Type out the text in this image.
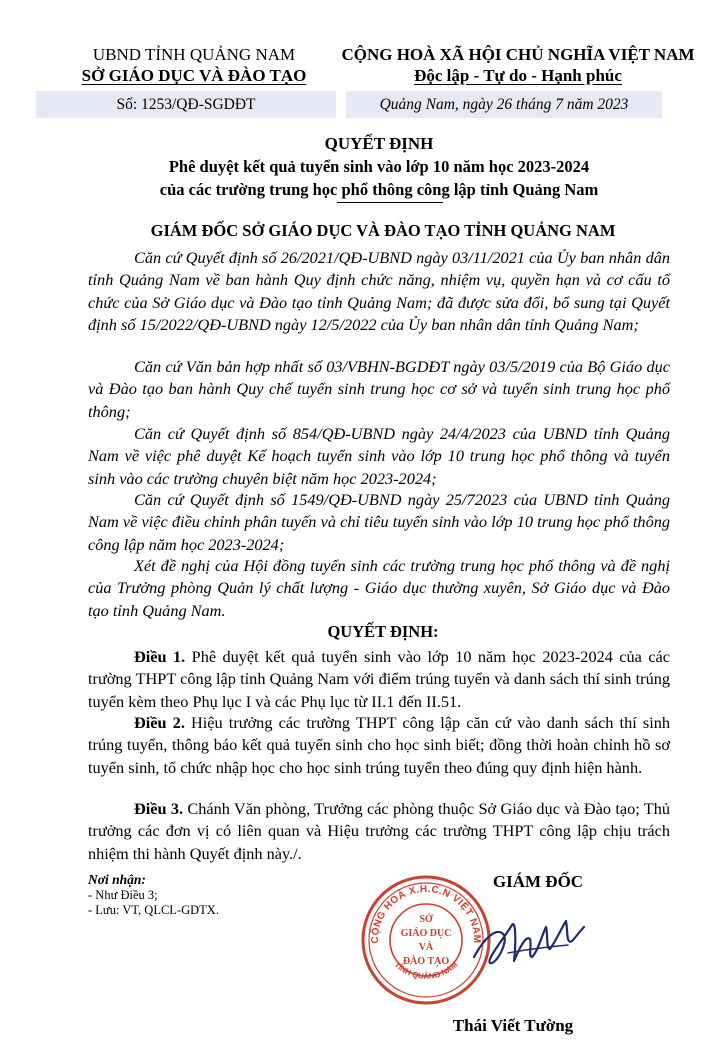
UBND TỈNH QUẢNG NAM
SỞ GIÁO DỤC VÀ ĐÀO TẠO
CỘNG HOÀ XÃ HỘI CHỦ NGHĨA VIỆT NAM
Độc lập - Tự do - Hạnh phúc
Số: 1253/QĐ-SGDĐT	Quảng Nam, ngày 26 tháng 7 năm 2023
QUYẾT ĐỊNH
Phê duyệt kết quả tuyển sinh vào lớp 10 năm học 2023-2024
của các trường trung học phổ thông công lập tỉnh Quảng Nam
GIÁM ĐỐC SỞ GIÁO DỤC VÀ ĐÀO TẠO TỈNH QUẢNG NAM

Căn cứ Quyết định số 26/2021/QĐ-UBND ngày 03/11/2021 của Ủy ban nhân dân tỉnh Quảng Nam về ban hành Quy định chức năng, nhiệm vụ, quyền hạn và cơ cấu tổ chức của Sở Giáo dục và Đào tạo tỉnh Quảng Nam; đã được sửa đổi, bổ sung tại Quyết định số 15/2022/QĐ-UBND ngày 12/5/2022 của Ủy ban nhân dân tỉnh Quảng Nam;

Căn cứ Văn bản hợp nhất số 03/VBHN-BGDĐT ngày 03/5/2019 của Bộ Giáo dục và Đào tạo ban hành Quy chế tuyển sinh trung học cơ sở và tuyển sinh trung học phổ thông;

Căn cứ Quyết định số 854/QĐ-UBND ngày 24/4/2023 của UBND tỉnh Quảng Nam về việc phê duyệt Kế hoạch tuyển sinh vào lớp 10 trung học phổ thông và tuyển sinh vào các trường chuyên biệt năm học 2023-2024;

Căn cứ Quyết định số 1549/QĐ-UBND ngày 25/72023 của UBND tỉnh Quảng Nam về việc điều chỉnh phân tuyến và chỉ tiêu tuyển sinh vào lớp 10 trung học phổ thông công lập năm học 2023-2024;

Xét đề nghị của Hội đồng tuyển sinh các trường trung học phổ thông và đề nghị của Trưởng phòng Quản lý chất lượng - Giáo dục thường xuyên, Sở Giáo dục và Đào tạo tỉnh Quảng Nam.

QUYẾT ĐỊNH:

Điều 1. Phê duyệt kết quả tuyển sinh vào lớp 10 năm học 2023-2024 của các trường THPT công lập tỉnh Quảng Nam với điểm trúng tuyển và danh sách thí sinh trúng tuyển kèm theo Phụ lục I và các Phụ lục từ II.1 đến II.51.

Điều 2. Hiệu trưởng các trường THPT công lập căn cứ vào danh sách thí sinh trúng tuyển, thông báo kết quả tuyển sinh cho học sinh biết; đồng thời hoàn chỉnh hồ sơ tuyển sinh, tổ chức nhập học cho học sinh trúng tuyển theo đúng quy định hiện hành.

Điều 3. Chánh Văn phòng, Trưởng các phòng thuộc Sở Giáo dục và Đào tạo; Thủ trưởng các đơn vị có liên quan và Hiệu trưởng các trường THPT công lập chịu trách nhiệm thi hành Quyết định này./.

Nơi nhận:
- Như Điều 3;
- Lưu: VT, QLCL-GDTX.
GIÁM ĐỐC
CỘNG HOÀ X.H.C.N VIỆT NAM
TỈNH QUẢNG NAM
SỞ
GIÁO DỤC
VÀ
ĐÀO TẠO
Thái Viết Tường
